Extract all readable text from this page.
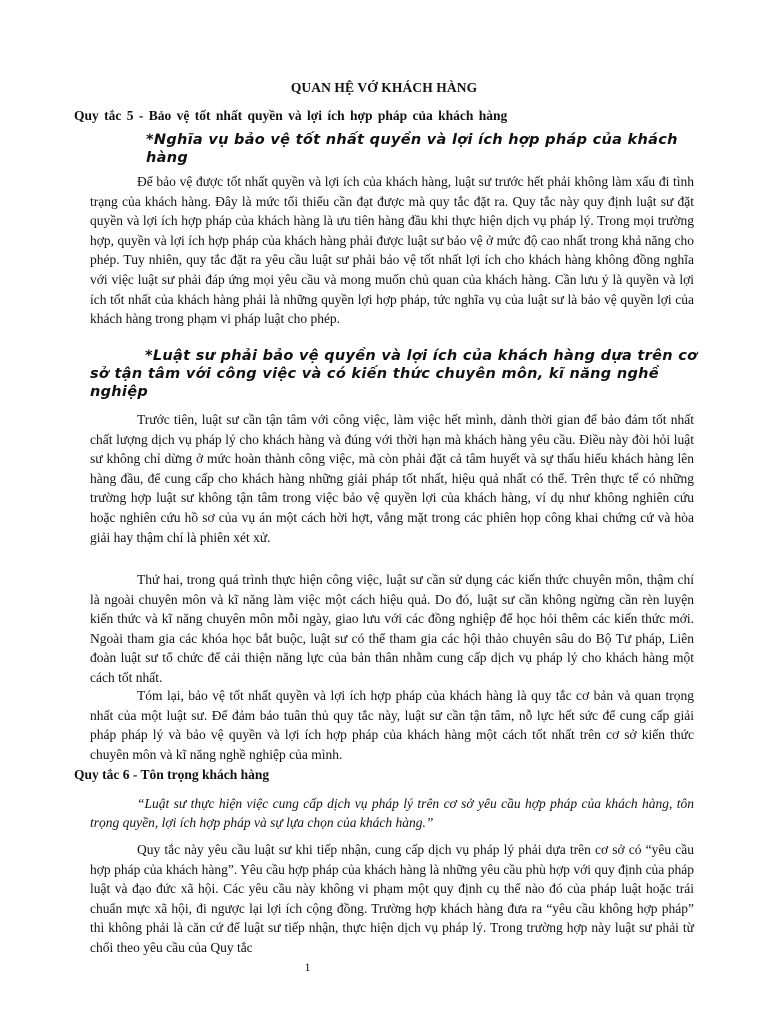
QUAN HỆ VỚ KHÁCH HÀNG
Quy tắc 5 - Bảo vệ tốt nhất quyền và lợi ích hợp pháp của khách hàng
*Nghĩa vụ bảo vệ tốt nhất quyền và lợi ích hợp pháp của khách hàng

Để bảo vệ được tốt nhất quyền và lợi ích của khách hàng, luật sư trước hết phải không làm xấu đi tình trạng của khách hàng. Đây là mức tối thiểu cần đạt được mà quy tắc đặt ra. Quy tắc này quy định luật sư đặt quyền và lợi ích hợp pháp của khách hàng là ưu tiên hàng đầu khi thực hiện dịch vụ pháp lý. Trong mọi trường hợp, quyền và lợi ích hợp pháp của khách hàng phải được luật sư bảo vệ ở mức độ cao nhất trong khả năng cho phép. Tuy nhiên, quy tắc đặt ra yêu cầu luật sư phải bảo vệ tốt nhất lợi ích cho khách hàng không đồng nghĩa với việc luật sư phải đáp ứng mọi yêu cầu và mong muốn chủ quan của khách hàng. Cần lưu ý là quyền và lợi ích tốt nhất của khách hàng phải là những quyền lợi hợp pháp, tức nghĩa vụ của luật sư là bảo vệ quyền lợi của khách hàng trong phạm vi pháp luật cho phép.

*Luật sư phải bảo vệ quyền và lợi ích của khách hàng dựa trên cơ sở tận tâm với công việc và có kiến thức chuyên môn, kĩ năng nghề nghiệp

Trước tiên, luật sư cần tận tâm với công việc, làm việc hết mình, dành thời gian để bảo đảm tốt nhất chất lượng dịch vụ pháp lý cho khách hàng và đúng với thời hạn mà khách hàng yêu cầu. Điều này đòi hỏi luật sư không chỉ dừng ở mức hoàn thành công việc, mà còn phải đặt cả tâm huyết và sự thấu hiểu khách hàng lên hàng đầu, để cung cấp cho khách hàng những giải pháp tốt nhất, hiệu quả nhất có thể. Trên thực tế có những trường hợp luật sư không tận tâm trong việc bảo vệ quyền lợi của khách hàng, ví dụ như không nghiên cứu hoặc nghiên cứu hồ sơ của vụ án một cách hời hợt, vắng mặt trong các phiên họp công khai chứng cứ và hòa giải hay thậm chí là phiên xét xử.

Thứ hai, trong quá trình thực hiện công việc, luật sư cần sử dụng các kiến thức chuyên môn, thậm chí là ngoài chuyên môn và kĩ năng làm việc một cách hiệu quả. Do đó, luật sư cần không ngừng cần rèn luyện kiến thức và kĩ năng chuyên môn mỗi ngày, giao lưu với các đồng nghiệp để học hỏi thêm các kiến thức mới. Ngoài tham gia các khóa học bắt buộc, luật sư có thể tham gia các hội thảo chuyên sâu do Bộ Tư pháp, Liên đoàn luật sư tổ chức để cải thiện năng lực của bản thân nhằm cung cấp dịch vụ pháp lý cho khách hàng một cách tốt nhất.

Tóm lại, bảo vệ tốt nhất quyền và lợi ích hợp pháp của khách hàng là quy tắc cơ bản và quan trọng nhất của một luật sư. Để đảm bảo tuân thủ quy tắc này, luật sư cần tận tâm, nỗ lực hết sức để cung cấp giải pháp pháp lý và bảo vệ quyền và lợi ích hợp pháp của khách hàng một cách tốt nhất trên cơ sở kiến thức chuyên môn và kĩ năng nghề nghiệp của mình.

Quy tắc 6 - Tôn trọng khách hàng

“Luật sư thực hiện việc cung cấp dịch vụ pháp lý trên cơ sở yêu cầu hợp pháp của khách hàng, tôn trọng quyền, lợi ích hợp pháp và sự lựa chọn của khách hàng.”

Quy tắc này yêu cầu luật sư khi tiếp nhận, cung cấp dịch vụ pháp lý phải dựa trên cơ sở có “yêu cầu hợp pháp của khách hàng”. Yêu cầu hợp pháp của khách hàng là những yêu cầu phù hợp với quy định của pháp luật và đạo đức xã hội. Các yêu cầu này không vi phạm một quy định cụ thể nào đó của pháp luật hoặc trái chuẩn mực xã hội, đi ngược lại lợi ích cộng đồng. Trường hợp khách hàng đưa ra “yêu cầu không hợp pháp” thì không phải là căn cứ để luật sư tiếp nhận, thực hiện dịch vụ pháp lý. Trong trường hợp này luật sư phải từ chối theo yêu cầu của Quy tắc

1
